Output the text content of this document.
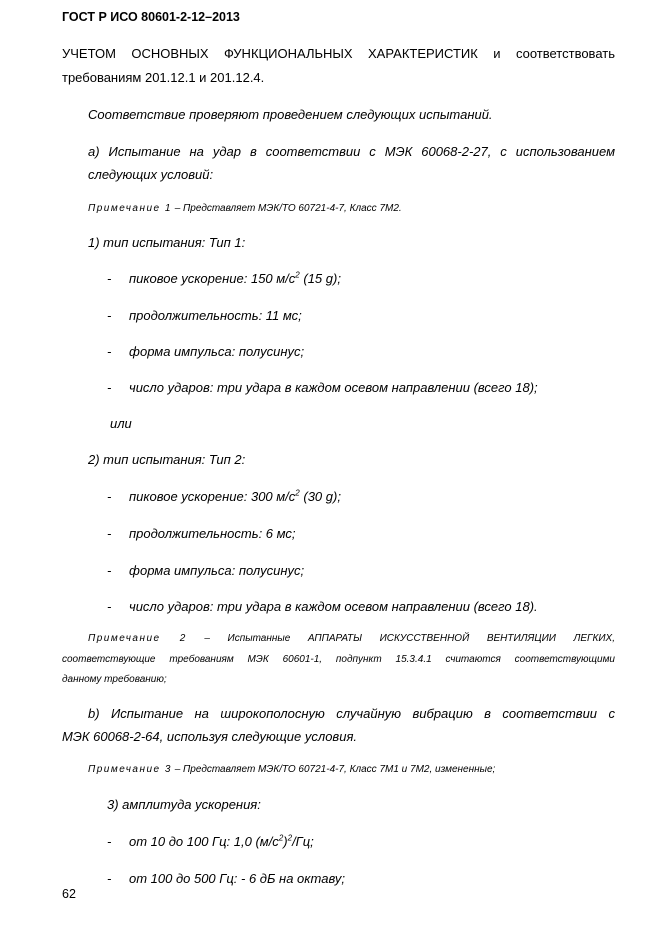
ГОСТ Р ИСО 80601-2-12–2013
УЧЕТОМ ОСНОВНЫХ ФУНКЦИОНАЛЬНЫХ ХАРАКТЕРИСТИК и соответствовать
требованиям 201.12.1 и 201.12.4.
Соответствие проверяют проведением следующих испытаний.
a) Испытание на удар в соответствии с МЭК 60068-2-27, с использованием
следующих условий:
Примечание 1 – Представляет МЭК/ТО 60721-4-7, Класс 7М2.
1) тип испытания: Тип 1:
- пиковое ускорение: 150 $м/с^2$ (15 g);
- продолжительность: 11 мс;
- форма импульса: полусинус;
- число ударов: три удара в каждом осевом направлении (всего 18);
или
2) тип испытания: Тип 2:
- пиковое ускорение: 300 $м/с^2$ (30 g);
- продолжительность: 6 мс;
- форма импульса: полусинус;
- число ударов: три удара в каждом осевом направлении (всего 18).
Примечание 2 – Испытанные АППАРАТЫ ИСКУССТВЕННОЙ ВЕНТИЛЯЦИИ ЛЕГКИХ,
соответствующие требованиям МЭК 60601-1, подпункт 15.3.4.1 считаются соответствующими
данному требованию;
b) Испытание на широкополосную случайную вибрацию в соответствии с
МЭК 60068-2-64, используя следующие условия.
Примечание 3 – Представляет МЭК/ТО 60721-4-7, Класс 7М1 и 7М2, измененные;
3) амплитуда ускорения:
- от 10 до 100 Гц: 1,0 $(м/с^2)^2/Гц$;
- от 100 до 500 Гц: - 6 дБ на октаву;
62
